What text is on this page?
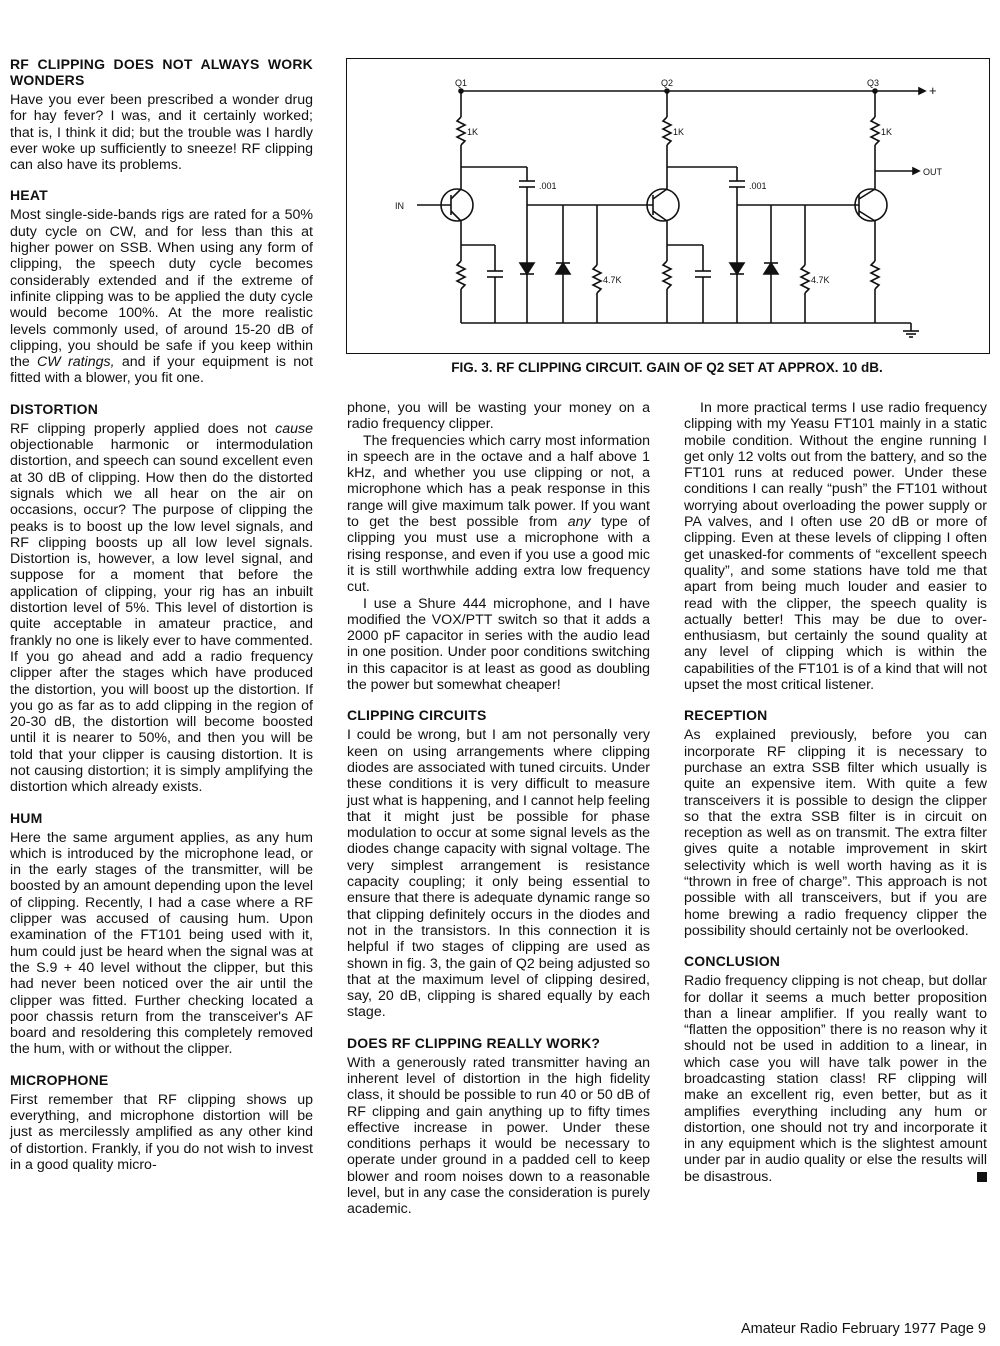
RF CLIPPING DOES NOT ALWAYS WORK WONDERS

Have you ever been prescribed a wonder drug for hay fever? I was, and it certainly worked; that is, I think it did; but the trouble was I hardly ever woke up sufficiently to sneeze! RF clipping can also have its problems.

HEAT

Most single-side-bands rigs are rated for a 50% duty cycle on CW, and for less than this at higher power on SSB. When using any form of clipping, the speech duty cycle becomes considerably extended and if the extreme of infinite clipping was to be applied the duty cycle would become 100%. At the more realistic levels commonly used, of around 15-20 dB of clipping, you should be safe if you keep within the CW ratings, and if your equipment is not fitted with a blower, you fit one.

DISTORTION

RF clipping properly applied does not cause objectionable harmonic or intermodulation distortion, and speech can sound excellent even at 30 dB of clipping. How then do the distorted signals which we all hear on the air on occasions, occur? The purpose of clipping the peaks is to boost up the low level signals, and RF clipping boosts up all low level signals. Distortion is, however, a low level signal, and suppose for a moment that before the application of clipping, your rig has an inbuilt distortion level of 5%. This level of distortion is quite acceptable in amateur practice, and frankly no one is likely ever to have commented. If you go ahead and add a radio frequency clipper after the stages which have produced the distortion, you will boost up the distortion. If you go as far as to add clipping in the region of 20-30 dB, the distortion will become boosted until it is nearer to 50%, and then you will be told that your clipper is causing distortion. It is not causing distortion; it is simply amplifying the distortion which already exists.

HUM

Here the same argument applies, as any hum which is introduced by the microphone lead, or in the early stages of the transmitter, will be boosted by an amount depending upon the level of clipping. Recently, I had a case where a RF clipper was accused of causing hum. Upon examination of the FT101 being used with it, hum could just be heard when the signal was at the S.9 + 40 level without the clipper, but this had never been noticed over the air until the clipper was fitted. Further checking located a poor chassis return from the transceiver's AF board and resoldering this completely removed the hum, with or without the clipper.

MICROPHONE

First remember that RF clipping shows up everything, and microphone distortion will be just as mercilessly amplified as any other kind of distortion. Frankly, if you do not wish to invest in a good quality micro-

Q1	Q2	Q3	+
OUT
IN
1K	1K	1K
.001	.001
4.7K	4.7K
FIG. 3. RF CLIPPING CIRCUIT. GAIN OF Q2 SET AT APPROX. 10 dB.

phone, you will be wasting your money on a radio frequency clipper.

The frequencies which carry most information in speech are in the octave and a half above 1 kHz, and whether you use clipping or not, a microphone which has a peak response in this range will give maximum talk power. If you want to get the best possible from any type of clipping you must use a microphone with a rising response, and even if you use a good mic it is still worthwhile adding extra low frequency cut.

I use a Shure 444 microphone, and I have modified the VOX/PTT switch so that it adds a 2000 pF capacitor in series with the audio lead in one position. Under poor conditions switching in this capacitor is at least as good as doubling the power but somewhat cheaper!

CLIPPING CIRCUITS

I could be wrong, but I am not personally very keen on using arrangements where clipping diodes are associated with tuned circuits. Under these conditions it is very difficult to measure just what is happening, and I cannot help feeling that it might just be possible for phase modulation to occur at some signal levels as the diodes change capacity with signal voltage. The very simplest arrangement is resistance capacity coupling; it only being essential to ensure that there is adequate dynamic range so that clipping definitely occurs in the diodes and not in the transistors. In this connection it is helpful if two stages of clipping are used as shown in fig. 3, the gain of Q2 being adjusted so that at the maximum level of clipping desired, say, 20 dB, clipping is shared equally by each stage.

DOES RF CLIPPING REALLY WORK?

With a generously rated transmitter having an inherent level of distortion in the high fidelity class, it should be possible to run 40 or 50 dB of RF clipping and gain anything up to fifty times effective increase in power. Under these conditions perhaps it would be necessary to operate under ground in a padded cell to keep blower and room noises down to a reasonable level, but in any case the consideration is purely academic.

In more practical terms I use radio frequency clipping with my Yeasu FT101 mainly in a static mobile condition. Without the engine running I get only 12 volts out from the battery, and so the FT101 runs at reduced power. Under these conditions I can really “push” the FT101 without worrying about overloading the power supply or PA valves, and I often use 20 dB or more of clipping. Even at these levels of clipping I often get unasked-for comments of “excellent speech quality”, and some stations have told me that apart from being much louder and easier to read with the clipper, the speech quality is actually better! This may be due to over-enthusiasm, but certainly the sound quality at any level of clipping which is within the capabilities of the FT101 is of a kind that will not upset the most critical listener.

RECEPTION

As explained previously, before you can incorporate RF clipping it is necessary to purchase an extra SSB filter which usually is quite an expensive item. With quite a few transceivers it is possible to design the clipper so that the extra SSB filter is in circuit on reception as well as on transmit. The extra filter gives quite a notable improvement in skirt selectivity which is well worth having as it is “thrown in free of charge”. This approach is not possible with all transceivers, but if you are home brewing a radio frequency clipper the possibility should certainly not be overlooked.

CONCLUSION

Radio frequency clipping is not cheap, but dollar for dollar it seems a much better proposition than a linear amplifier. If you really want to “flatten the opposition” there is no reason why it should not be used in addition to a linear, in which case you will have talk power in the broadcasting station class! RF clipping will make an excellent rig, even better, but as it amplifies everything including any hum or distortion, one should not try and incorporate it in any equipment which is the slightest amount under par in audio quality or else the results will be disastrous.

Amateur Radio February 1977 Page 9
